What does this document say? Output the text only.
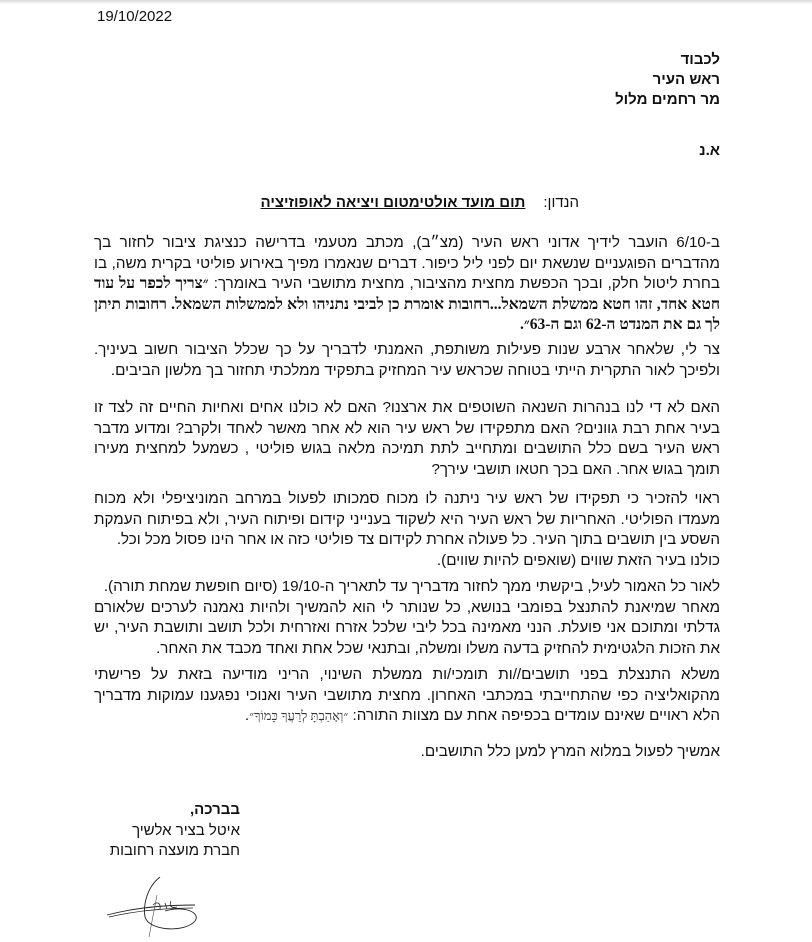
19/10/2022
לכבוד
ראש העיר
מר רחמים מלול
א.נ
הנדון:תום מועד אולטימטום ויציאה לאופוזיציה
ב-6/10 הועבר לידיך אדוני ראש העיר (מצ״ב), מכתב מטעמי בדרישה כנציגת ציבור לחזור בך מהדברים הפוגעניים שנשאת יום לפני ליל כיפור. דברים שנאמרו מפיך באירוע פוליטי בקרית משה, בו בחרת ליטול חלק, ובכך הכפשת מחצית מהציבור, מחצית מתושבי העיר באומרך: ״צריך לכפר על עוד חטא אחד, זהו חטא ממשלת השמאל...רחובות אומרת כן לביבי נתניהו ולא לממשלות השמאל. רחובות תיתן לך גם את המנדט ה-62 וגם ה-63״.
צר לי, שלאחר ארבע שנות פעילות משותפת, האמנתי לדבריך על כך שכלל הציבור חשוב בעיניך. ולפיכך לאור התקרית הייתי בטוחה שכראש עיר המחזיק בתפקיד ממלכתי תחזור בך מלשון הביבים.
האם לא די לנו בנהרות השנאה השוטפים את ארצנו? האם לא כולנו אחים ואחיות החיים זה לצד זו בעיר אחת רבת גוונים? האם מתפקידו של ראש עיר הוא לא אחר מאשר לאחד ולקרב? ומדוע מדבר ראש העיר בשם כלל התושבים ומתחייב לתת תמיכה מלאה בגוש פוליטי , כשמעל למחצית מעירו תומך בגוש אחר. האם בכך חטאו תושבי עירך?
ראוי להזכיר כי תפקידו של ראש עיר ניתנה לו מכוח סמכותו לפעול במרחב המוניציפלי ולא מכוח מעמדו הפוליטי. האחריות של ראש העיר היא לשקוד בענייני קידום ופיתוח העיר, ולא בפיתוח העמקת השסע בין תושבים בתוך העיר. כל פעולה אחרת לקידום צד פוליטי כזה או אחר הינו פסול מכל וכל.
כולנו בעיר הזאת שווים (שואפים להיות שווים).
לאור כל האמור לעיל, ביקשתי ממך לחזור מדבריך עד לתאריך ה-19/10 (סיום חופשת שמחת תורה).
מאחר שמיאנת להתנצל בפומבי בנושא, כל שנותר לי הוא להמשיך ולהיות נאמנה לערכים שלאורם גדלתי ומתוכם אני פועלת. הנני מאמינה בכל ליבי שלכל אזרח ואזרחית ולכל תושב ותושבת העיר, יש את הזכות הלגטימית להחזיק בדעה משלו ומשלה, ובתנאי שכל אחת ואחד מכבד את האחר.
משלא התנצלת בפני תושבים//ות תומכי/ות ממשלת השינוי, הריני מודיעה בזאת על פרישתי מהקואליציה כפי שהתחייבתי במכתבי האחרון. מחצית מתושבי העיר ואנוכי נפגענו עמוקות מדבריך הלא ראויים שאינם עומדים בכפיפה אחת עם מצוות התורה: ״וְאָהַבְתָּ לְרֵעֲךָ כָּמוֹךָ״.
אמשיך לפעול במלוא המרץ למען כלל התושבים.
בברכה,
איטל בציר אלשיך
חברת מועצה רחובות
